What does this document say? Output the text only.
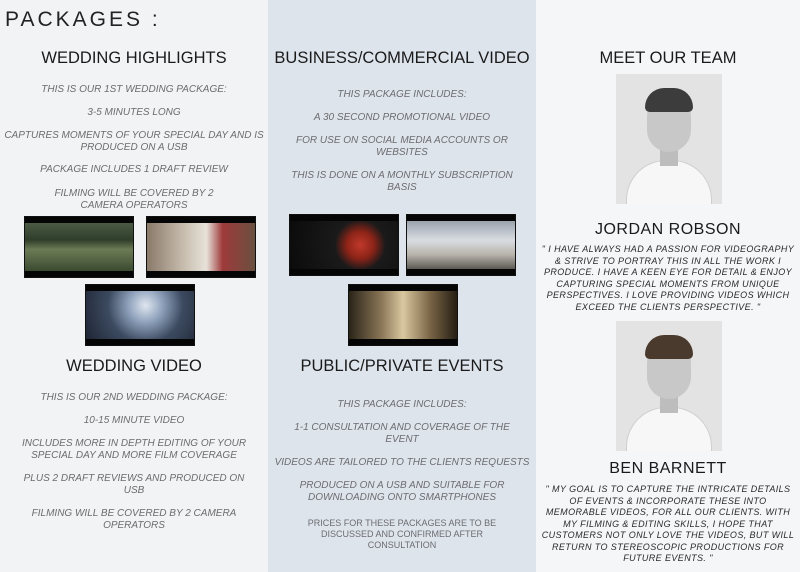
PACKAGES :
WEDDING HIGHLIGHTS
THIS IS OUR 1ST WEDDING PACKAGE:
3-5 MINUTES LONG
CAPTURES MOMENTS OF YOUR SPECIAL DAY AND IS PRODUCED ON A USB
PACKAGE INCLUDES 1 DRAFT REVIEW
FILMING WILL BE COVERED BY 2 CAMERA OPERATORS
WEDDING VIDEO
THIS IS OUR 2ND WEDDING PACKAGE:
10-15 MINUTE VIDEO
INCLUDES MORE IN DEPTH EDITING OF YOUR SPECIAL DAY AND MORE FILM COVERAGE
PLUS 2 DRAFT REVIEWS AND PRODUCED ON USB
FILMING WILL BE COVERED BY 2 CAMERA OPERATORS
BUSINESS/COMMERCIAL VIDEO
THIS PACKAGE INCLUDES:
A 30 SECOND PROMOTIONAL VIDEO
FOR USE ON SOCIAL MEDIA ACCOUNTS OR WEBSITES
THIS IS DONE ON A MONTHLY SUBSCRIPTION BASIS
PUBLIC/PRIVATE EVENTS
THIS PACKAGE INCLUDES:
1-1 CONSULTATION AND COVERAGE OF THE EVENT
VIDEOS ARE TAILORED TO THE CLIENTS REQUESTS
PRODUCED ON A USB AND SUITABLE FOR DOWNLOADING ONTO SMARTPHONES
PRICES FOR THESE PACKAGES ARE TO BE DISCUSSED AND CONFIRMED AFTER CONSULTATION
MEET OUR TEAM
JORDAN ROBSON
" I HAVE ALWAYS HAD A PASSION FOR VIDEOGRAPHY & STRIVE TO PORTRAY THIS IN ALL THE WORK I PRODUCE. I HAVE A KEEN EYE FOR DETAIL & ENJOY CAPTURING SPECIAL MOMENTS FROM UNIQUE PERSPECTIVES. I LOVE PROVIDING VIDEOS WHICH EXCEED THE CLIENTS PERSPECTIVE. "
BEN BARNETT
" MY GOAL IS TO CAPTURE THE INTRICATE DETAILS OF EVENTS & INCORPORATE THESE INTO MEMORABLE VIDEOS, FOR ALL OUR CLIENTS. WITH MY FILMING & EDITING SKILLS, I HOPE THAT CUSTOMERS NOT ONLY LOVE THE VIDEOS, BUT WILL RETURN TO STEREOSCOPIC PRODUCTIONS FOR FUTURE EVENTS. "
